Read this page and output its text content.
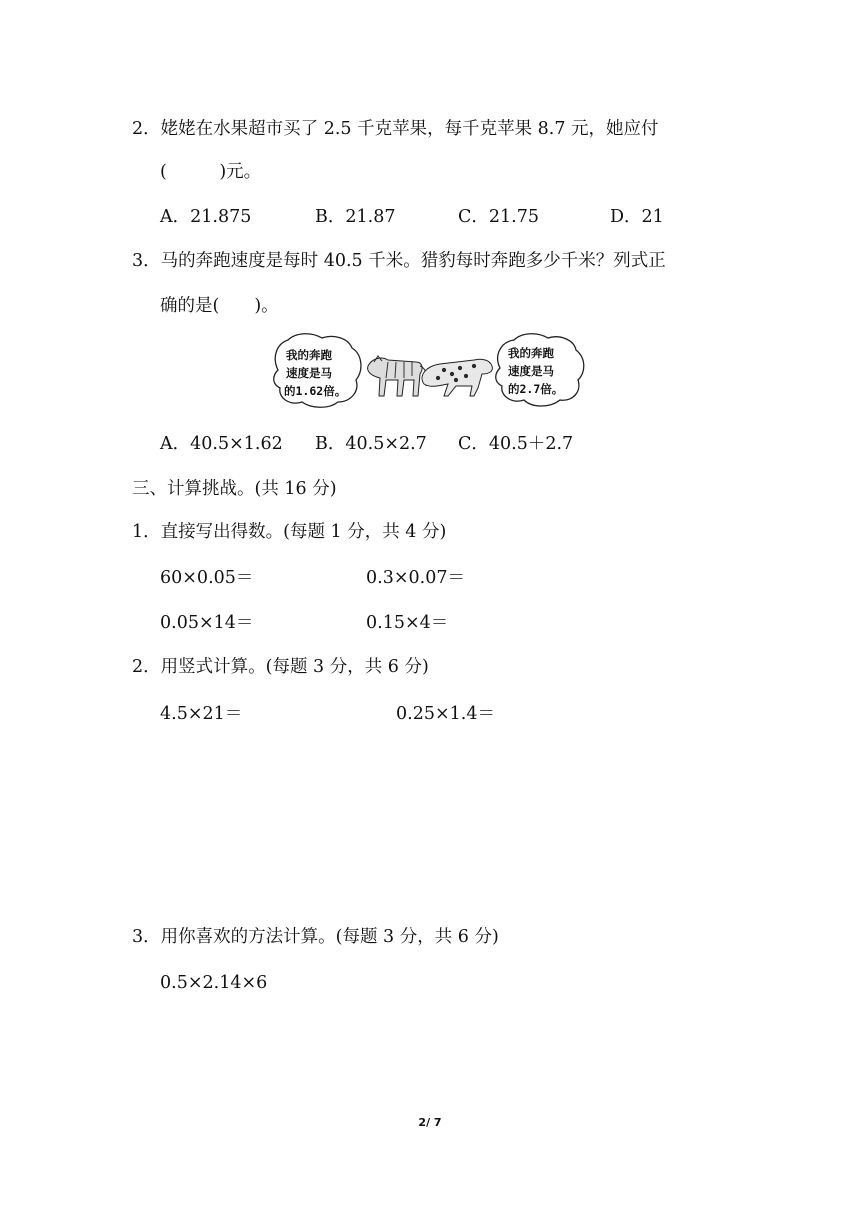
2．姥姥在水果超市买了 2.5 千克苹果，每千克苹果 8.7 元，她应付
(　　　)元。
A．21.875	B．21.87	C．21.75	D．21
3．马的奔跑速度是每时 40.5 千米。猎豹每时奔跑多少千米？列式正
确的是(　　)。
我的奔跑
速度是马
的1.62倍。
我的奔跑
速度是马
的2.7倍。
A．40.5×1.62 B．40.5×2.7 C．40.5＋2.7
三、计算挑战。(共 16 分)
1．直接写出得数。(每题 1 分，共 4 分)
60×0.05＝	0.3×0.07＝
0.05×14＝	0.15×4＝
2．用竖式计算。(每题 3 分，共 6 分)
4.5×21＝	0.25×1.4＝
3．用你喜欢的方法计算。(每题 3 分，共 6 分)
0.5×2.14×6
2/ 7
